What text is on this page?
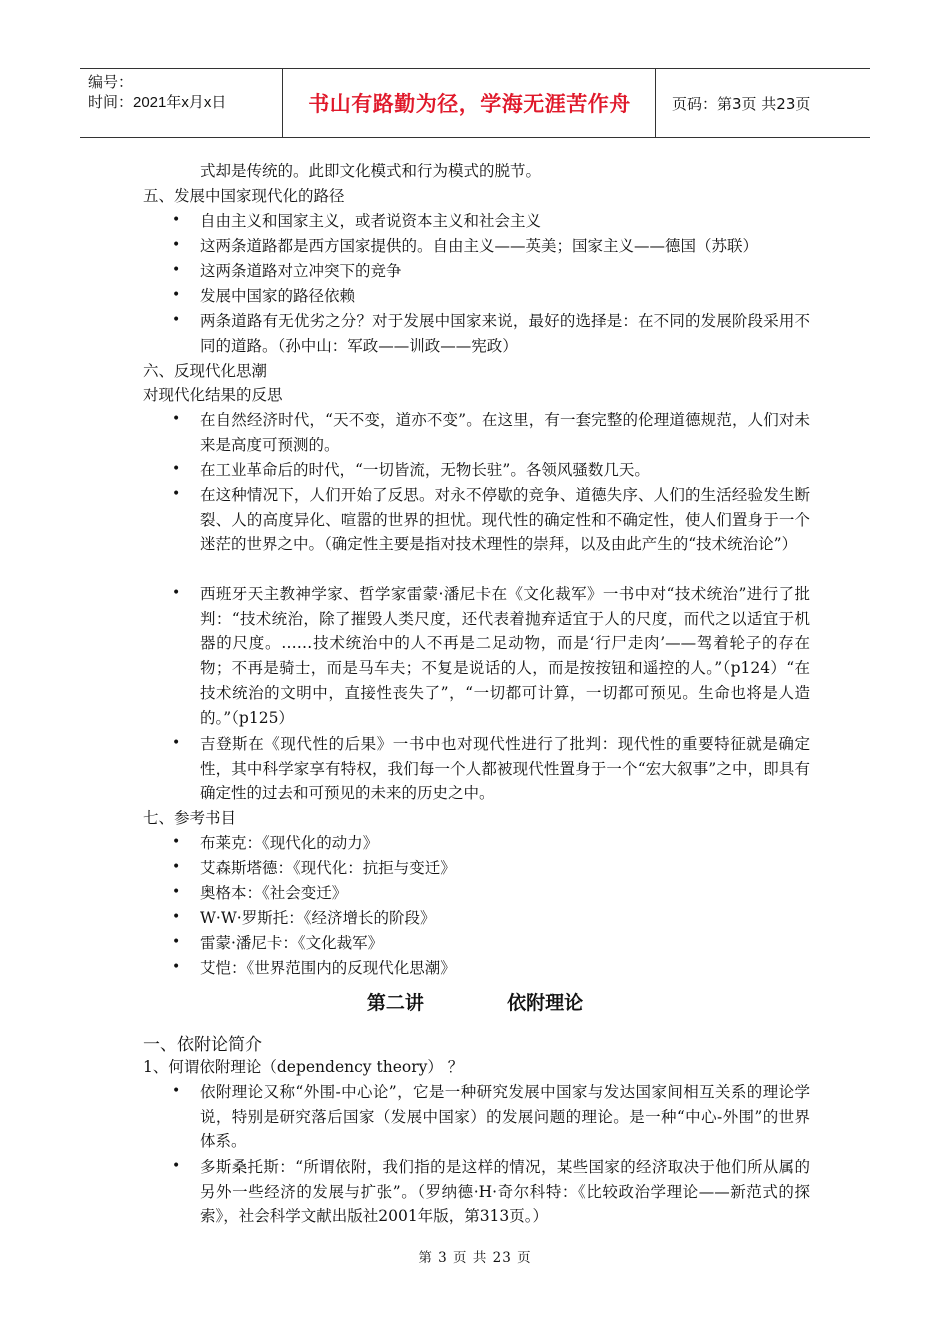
编号：
时间：2021年x月x日	书山有路勤为径，学海无涯苦作舟	页码：第3页 共23页
式却是传统的。此即文化模式和行为模式的脱节。
五、发展中国家现代化的路径
• 自由主义和国家主义，或者说资本主义和社会主义
• 这两条道路都是西方国家提供的。自由主义——英美；国家主义——德国（苏联）
• 这两条道路对立冲突下的竞争
• 发展中国家的路径依赖
• 两条道路有无优劣之分？对于发展中国家来说，最好的选择是：在不同的发展阶段采用不同的道路。（孙中山：军政——训政——宪政）
六、反现代化思潮
对现代化结果的反思
• 在自然经济时代，“天不变，道亦不变”。在这里，有一套完整的伦理道德规范，人们对未来是高度可预测的。
• 在工业革命后的时代，“一切皆流，无物长驻”。各领风骚数几天。
• 在这种情况下，人们开始了反思。对永不停歇的竞争、道德失序、人们的生活经验发生断裂、人的高度异化、喧嚣的世界的担忧。现代性的确定性和不确定性，使人们置身于一个迷茫的世界之中。（确定性主要是指对技术理性的崇拜，以及由此产生的“技术统治论”）
• 西班牙天主教神学家、哲学家雷蒙·潘尼卡在《文化裁军》一书中对“技术统治”进行了批判：“技术统治，除了摧毁人类尺度，还代表着抛弃适宜于人的尺度，而代之以适宜于机器的尺度。……技术统治中的人不再是二足动物，而是‘行尸走肉’——驾着轮子的存在物；不再是骑士，而是马车夫；不复是说话的人，而是按按钮和遥控的人。”（p124）“在技术统治的文明中，直接性丧失了”，“一切都可计算，一切都可预见。生命也将是人造的。”（p125）
• 吉登斯在《现代性的后果》一书中也对现代性进行了批判：现代性的重要特征就是确定性，其中科学家享有特权，我们每一个人都被现代性置身于一个“宏大叙事”之中，即具有确定性的过去和可预见的未来的历史之中。
七、参考书目
• 布莱克：《现代化的动力》
• 艾森斯塔德：《现代化：抗拒与变迁》
• 奥格本：《社会变迁》
• W·W·罗斯托：《经济增长的阶段》
• 雷蒙·潘尼卡：《文化裁军》
• 艾恺：《世界范围内的反现代化思潮》
第二讲	依附理论
一、依附论简介
1、何谓依附理论（dependency theory） ？
• 依附理论又称“外围-中心论”，它是一种研究发展中国家与发达国家间相互关系的理论学说，特别是研究落后国家（发展中国家）的发展问题的理论。是一种“中心-外围”的世界体系。
• 多斯桑托斯：“所谓依附，我们指的是这样的情况，某些国家的经济取决于他们所从属的另外一些经济的发展与扩张”。（罗纳德·H·奇尔科特：《比较政治学理论——新范式的探索》，社会科学文献出版社2001年版，第313页。）
第 3 页 共 23 页
